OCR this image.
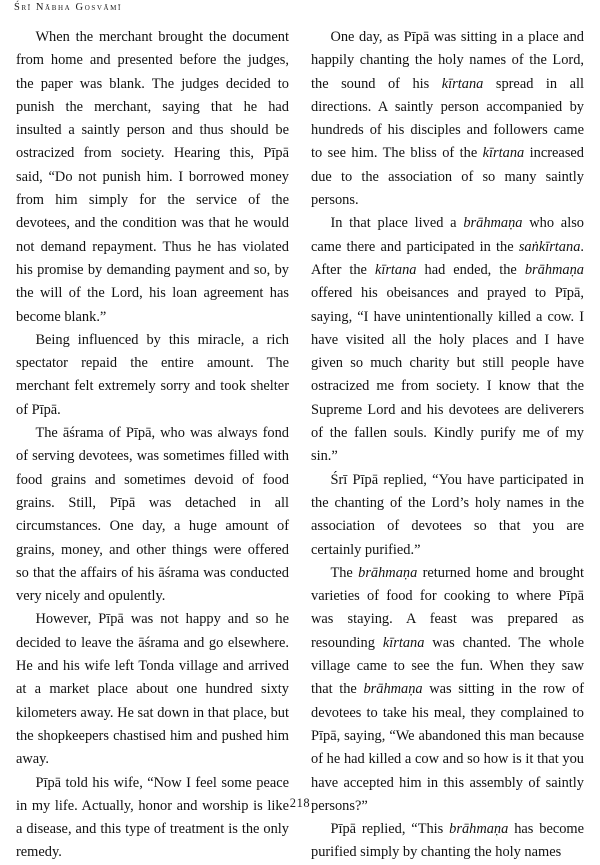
Śrī Nābha Gosvāmī

When the merchant brought the document from home and presented before the judges, the paper was blank. The judges decided to punish the merchant, saying that he had insulted a saintly person and thus should be ostracized from society. Hearing this, Pīpā said, “Do not punish him. I borrowed money from him simply for the service of the devotees, and the condition was that he would not demand repayment. Thus he has violated his promise by demanding payment and so, by the will of the Lord, his loan agreement has become blank.”

Being influenced by this miracle, a rich spectator repaid the entire amount. The merchant felt extremely sorry and took shelter of Pīpā.

The āśrama of Pīpā, who was always fond of serving devotees, was sometimes filled with food grains and sometimes devoid of food grains. Still, Pīpā was detached in all circumstances. One day, a huge amount of grains, money, and other things were offered so that the affairs of his āśrama was conducted very nicely and opulently.

However, Pīpā was not happy and so he decided to leave the āśrama and go elsewhere. He and his wife left Tonda village and arrived at a market place about one hundred sixty kilometers away. He sat down in that place, but the shopkeepers chastised him and pushed him away.

Pīpā told his wife, “Now I feel some peace in my life. Actually, honor and worship is like a disease, and this type of treatment is the only remedy.

One day, as Pīpā was sitting in a place and happily chanting the holy names of the Lord, the sound of his kīrtana spread in all directions. A saintly person accompanied by hundreds of his disciples and followers came to see him. The bliss of the kīrtana increased due to the association of so many saintly persons.

In that place lived a brāhmaṇa who also came there and participated in the saṅkīrtana. After the kīrtana had ended, the brāhmaṇa offered his obeisances and prayed to Pīpā, saying, “I have unintentionally killed a cow. I have visited all the holy places and I have given so much charity but still people have ostracized me from society. I know that the Supreme Lord and his devotees are deliverers of the fallen souls. Kindly purify me of my sin.”

Śrī Pīpā replied, “You have participated in the chanting of the Lord’s holy names in the association of devotees so that you are certainly purified.”

The brāhmaṇa returned home and brought varieties of food for cooking to where Pīpā was staying. A feast was prepared as resounding kīrtana was chanted. The whole village came to see the fun. When they saw that the brāhmaṇa was sitting in the row of devotees to take his meal, they complained to Pīpā, saying, “We abandoned this man because of he had killed a cow and so how is it that you have accepted him in this assembly of saintly persons?”

Pīpā replied, “This brāhmaṇa has become purified simply by chanting the holy names

218
